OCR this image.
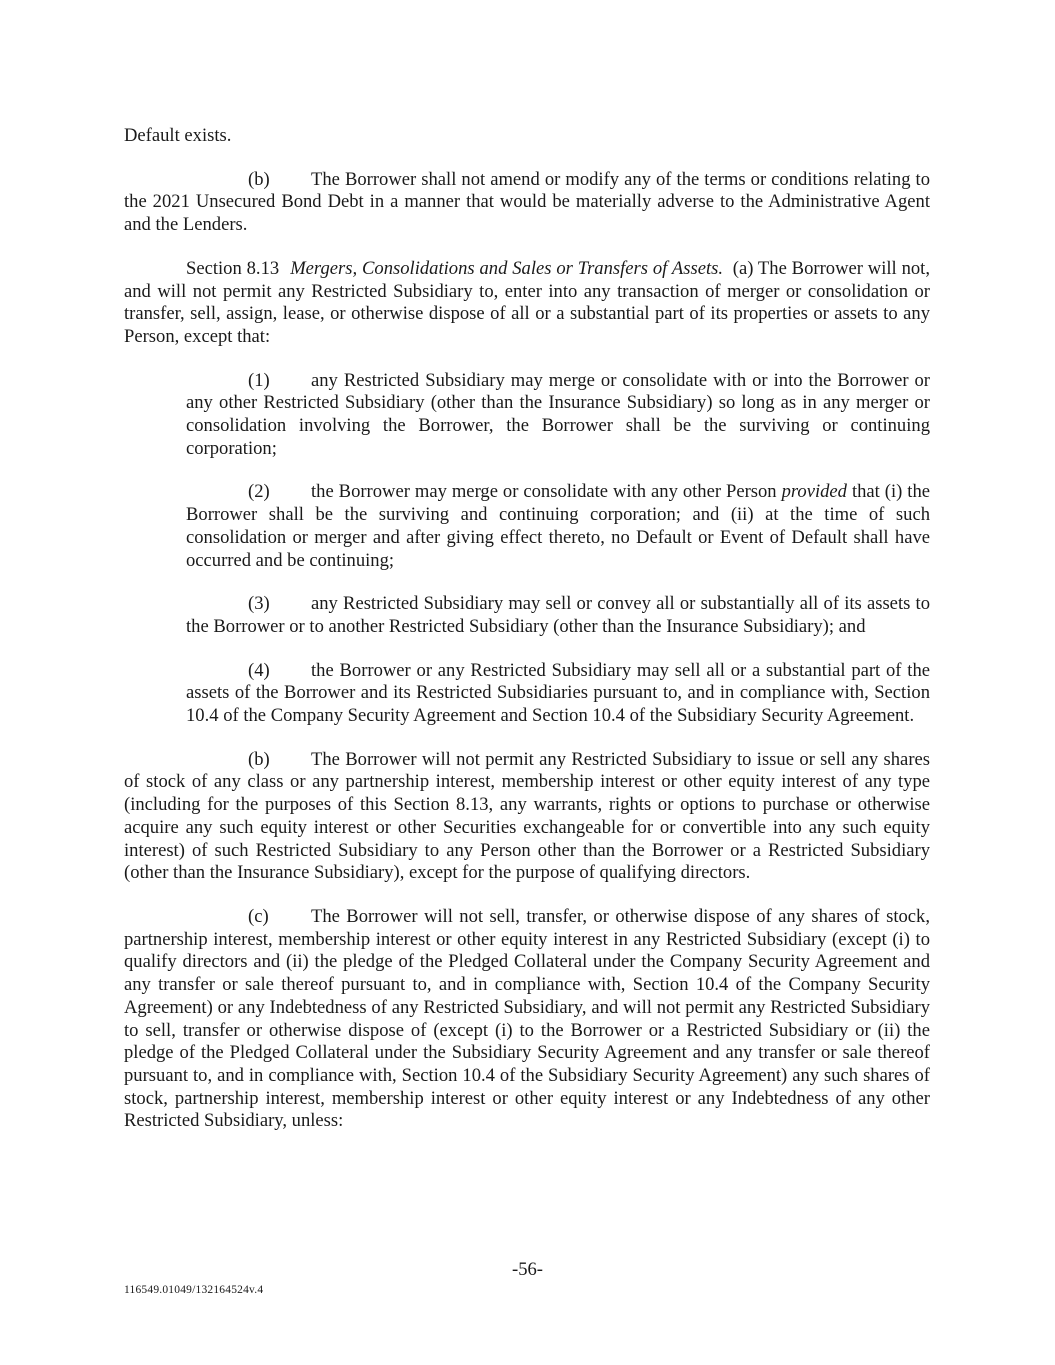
Default exists.

(b) The Borrower shall not amend or modify any of the terms or conditions relating to the 2021 Unsecured Bond Debt in a manner that would be materially adverse to the Administrative Agent and the Lenders.

Section 8.13 Mergers, Consolidations and Sales or Transfers of Assets. (a) The Borrower will not, and will not permit any Restricted Subsidiary to, enter into any transaction of merger or consolidation or transfer, sell, assign, lease, or otherwise dispose of all or a substantial part of its properties or assets to any Person, except that:

(1) any Restricted Subsidiary may merge or consolidate with or into the Borrower or any other Restricted Subsidiary (other than the Insurance Subsidiary) so long as in any merger or consolidation involving the Borrower, the Borrower shall be the surviving or continuing corporation;

(2) the Borrower may merge or consolidate with any other Person provided that (i) the Borrower shall be the surviving and continuing corporation; and (ii) at the time of such consolidation or merger and after giving effect thereto, no Default or Event of Default shall have occurred and be continuing;

(3) any Restricted Subsidiary may sell or convey all or substantially all of its assets to the Borrower or to another Restricted Subsidiary (other than the Insurance Subsidiary); and

(4) the Borrower or any Restricted Subsidiary may sell all or a substantial part of the assets of the Borrower and its Restricted Subsidiaries pursuant to, and in compliance with, Section 10.4 of the Company Security Agreement and Section 10.4 of the Subsidiary Security Agreement.

(b) The Borrower will not permit any Restricted Subsidiary to issue or sell any shares of stock of any class or any partnership interest, membership interest or other equity interest of any type (including for the purposes of this Section 8.13, any warrants, rights or options to purchase or otherwise acquire any such equity interest or other Securities exchangeable for or convertible into any such equity interest) of such Restricted Subsidiary to any Person other than the Borrower or a Restricted Subsidiary (other than the Insurance Subsidiary), except for the purpose of qualifying directors.

(c) The Borrower will not sell, transfer, or otherwise dispose of any shares of stock, partnership interest, membership interest or other equity interest in any Restricted Subsidiary (except (i) to qualify directors and (ii) the pledge of the Pledged Collateral under the Company Security Agreement and any transfer or sale thereof pursuant to, and in compliance with, Section 10.4 of the Company Security Agreement) or any Indebtedness of any Restricted Subsidiary, and will not permit any Restricted Subsidiary to sell, transfer or otherwise dispose of (except (i) to the Borrower or a Restricted Subsidiary or (ii) the pledge of the Pledged Collateral under the Subsidiary Security Agreement and any transfer or sale thereof pursuant to, and in compliance with, Section 10.4 of the Subsidiary Security Agreement) any such shares of stock, partnership interest, membership interest or other equity interest or any Indebtedness of any other Restricted Subsidiary, unless:

-56-
116549.01049/132164524v.4
